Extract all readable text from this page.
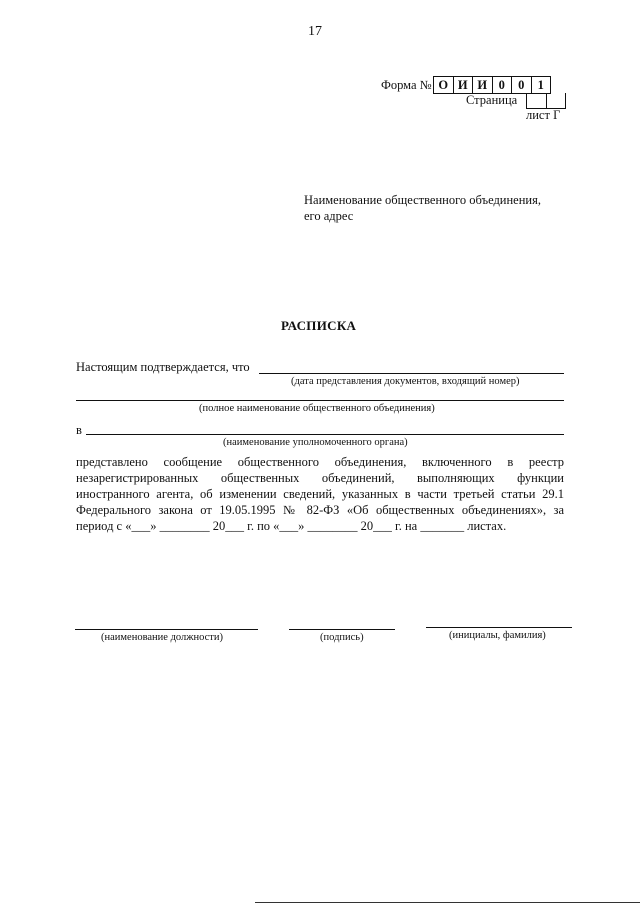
17
Форма № О И И 0	0	1
Страница
лист Г
Наименование общественного объединения,
его адрес
РАСПИСКА
Настоящим подтверждается, что
(дата представления документов, входящий номер)
(полное наименование общественного объединения)
в
(наименование уполномоченного органа)

представлено сообщение общественного объединения, включенного в реестр

незарегистрированных общественных объединений, выполняющих функции

иностранного агента, об изменении сведений, указанных в части третьей статьи 29.1

Федерального закона от 19.05.1995 № 82-ФЗ «Об общественных объединениях», за

период с «___» ________ 20___ г. по «___» ________ 20___ г. на _______ листах.

(наименование должности)	(подпись)	(инициалы, фамилия)
